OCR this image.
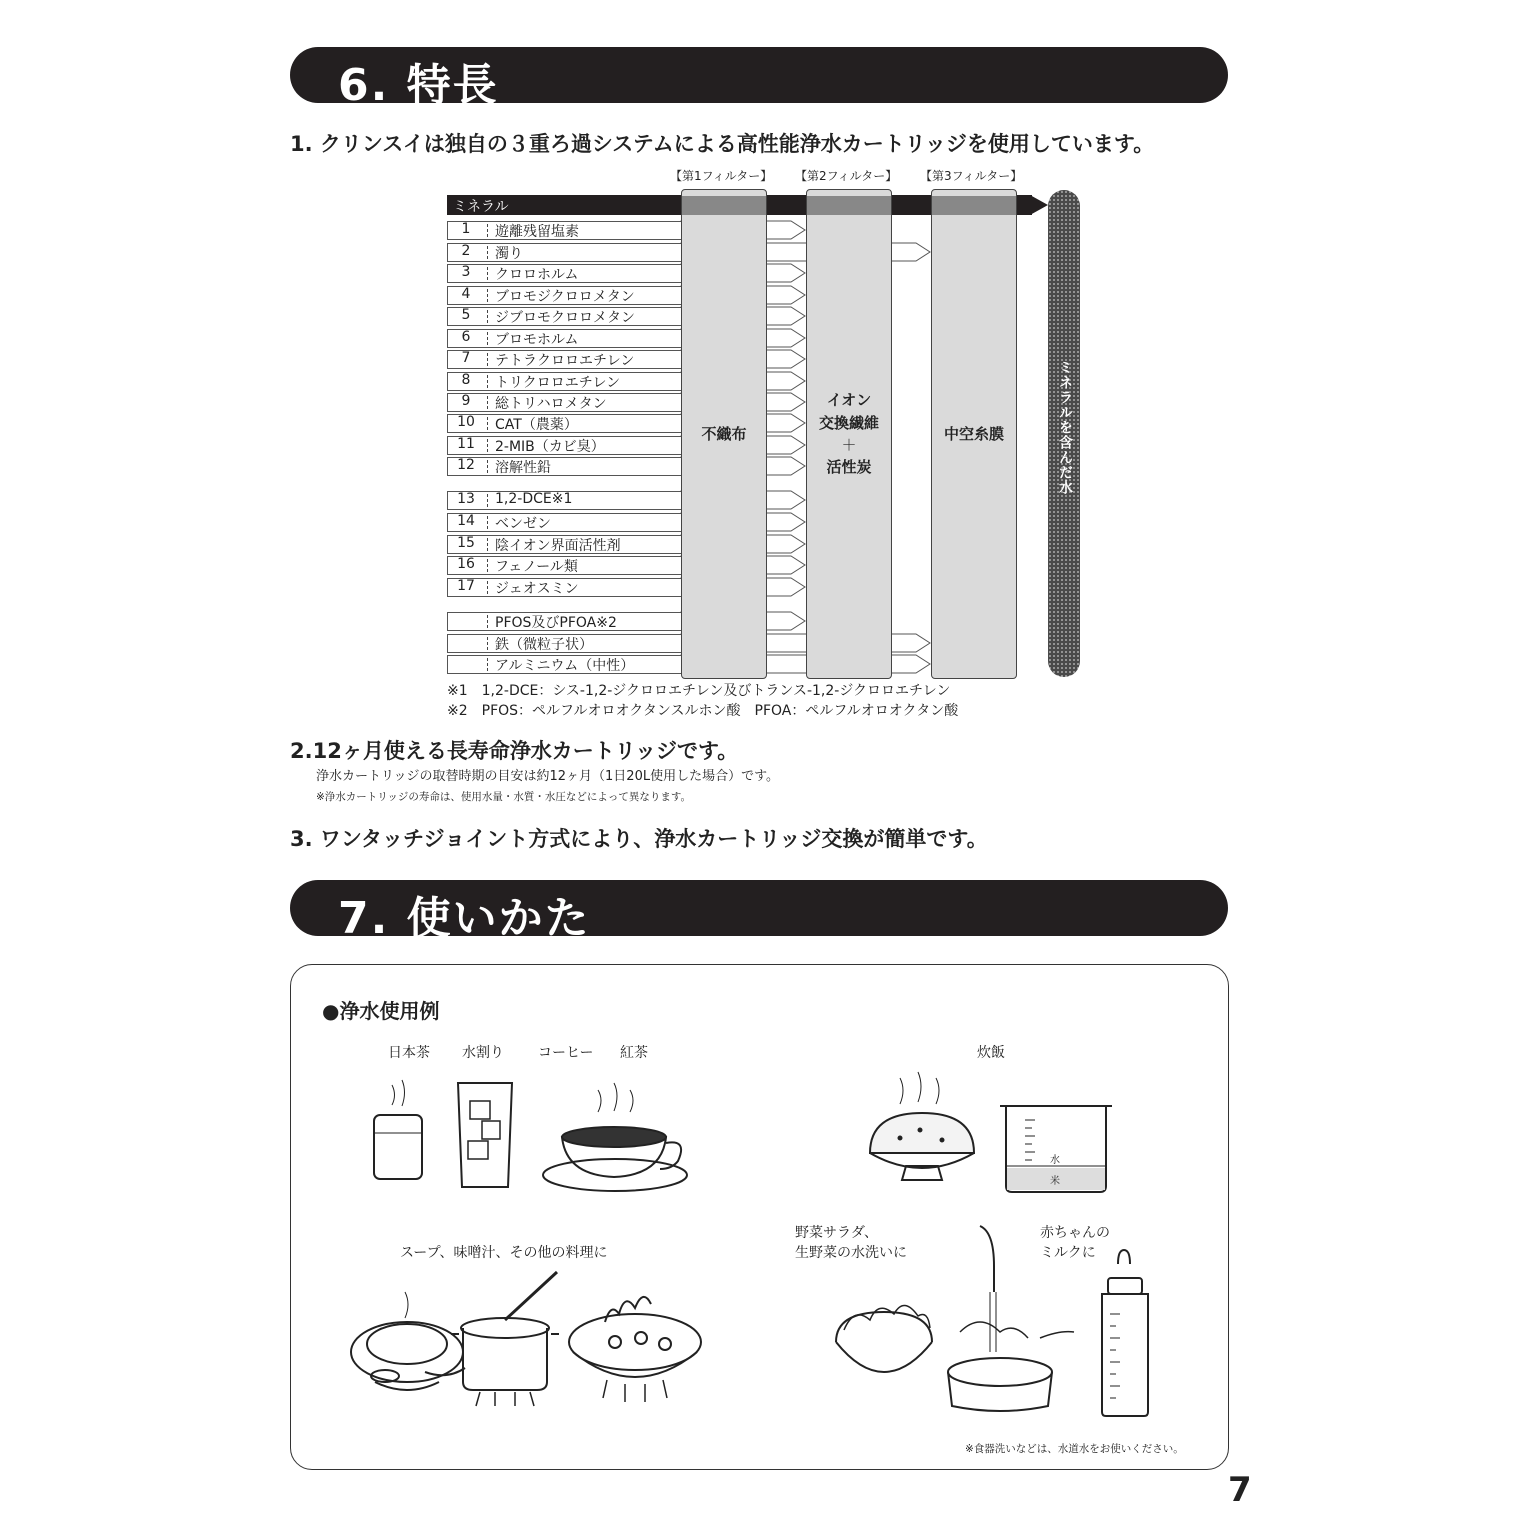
6. 特長
1. クリンスイは独自の３重ろ過システムによる高性能浄水カートリッジを使用しています。
【第1フィルター】 【第2フィルター】 【第3フィルター】
ミネラル
1	遊離残留塩素
2	濁り
3	クロロホルム
4	ブロモジクロロメタン
5	ジブロモクロロメタン
6	ブロモホルム
7	テトラクロロエチレン
8	トリクロロエチレン
9	総トリハロメタン
10	CAT（農薬）
11	2-MIB（カビ臭）
12	溶解性鉛
13	1,2-DCE※1
14	ベンゼン
15	陰イオン界面活性剤
16	フェノール類
17	ジェオスミン
PFOS及びPFOA※2
鉄（微粒子状）
アルミニウム（中性）
不織布
イオン
交換繊維
＋
活性炭
中空糸膜	ミネラルを含んだ水
※1　1,2-DCE：シス-1,2-ジクロロエチレン及びトランス-1,2-ジクロロエチレン
※2　PFOS：ペルフルオロオクタンスルホン酸　PFOA：ペルフルオロオクタン酸
2.12ヶ月使える長寿命浄水カートリッジです。
浄水カートリッジの取替時期の目安は約12ヶ月（1日20L使用した場合）です。
※浄水カートリッジの寿命は、使用水量・水質・水圧などによって異なります。
3. ワンタッチジョイント方式により、浄水カートリッジ交換が簡単です。
7. 使いかた
●浄水使用例
日本茶 水割り コーヒー 紅茶	炊飯
スープ、味噌汁、その他の料理に
野菜サラダ、
生野菜の水洗いに
赤ちゃんの
ミルクに
※食器洗いなどは、水道水をお使いください。
水
米
7
